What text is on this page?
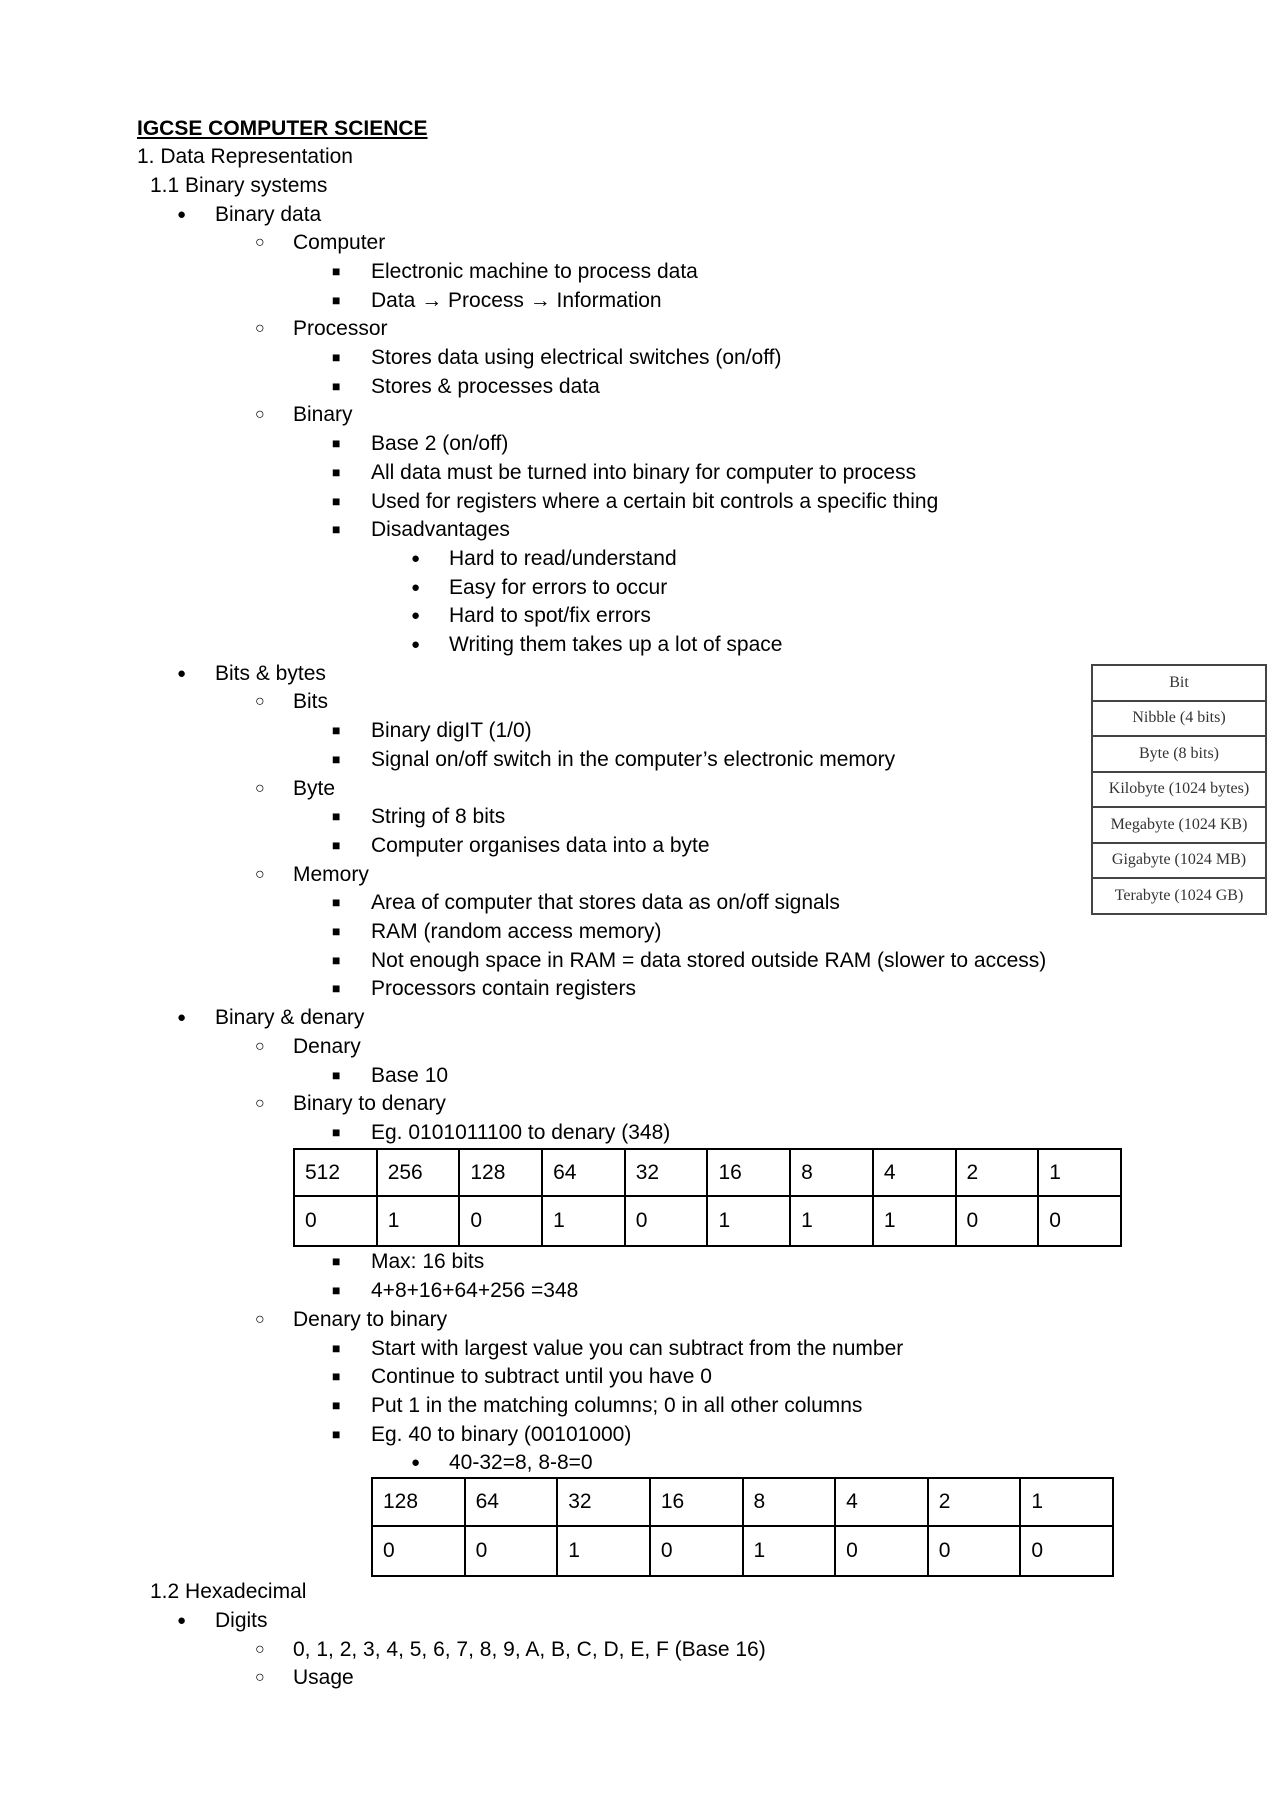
IGCSE COMPUTER SCIENCE
1. Data Representation
1.1 Binary systems
●
Binary data
○
Computer
■
Electronic machine to process data
■
Data → Process → Information
○
Processor
■
Stores data using electrical switches (on/off)
■
Stores & processes data
○
Binary
■
Base 2 (on/off)
■
All data must be turned into binary for computer to process
■
Used for registers where a certain bit controls a specific thing
■
Disadvantages
●
Hard to read/understand
●
Easy for errors to occur
●
Hard to spot/fix errors
●
Writing them takes up a lot of space
●
Bits & bytes
○
Bits
■
Binary digIT (1/0)
■
Signal on/off switch in the computer’s electronic memory
○
Byte
■
String of 8 bits
■
Computer organises data into a byte
○
Memory
■
Area of computer that stores data as on/off signals
■
RAM (random access memory)
■
Not enough space in RAM = data stored outside RAM (slower to access)
■
Processors contain registers
●
Binary & denary
○
Denary
■
Base 10
○
Binary to denary
■
Eg. 0101011100 to denary (348)
512	256	128	64	32	16	8	4	2	1
0	1	0	1	0	1	1	1	0	0
■
Max: 16 bits
■
4+8+16+64+256 =348
○
Denary to binary
■
Start with largest value you can subtract from the number
■
Continue to subtract until you have 0
■
Put 1 in the matching columns; 0 in all other columns
■
Eg. 40 to binary (00101000)
●
40-32=8, 8-8=0
128	64	32	16	8	4	2	1
0	0	1	0	1	0	0	0
1.2 Hexadecimal
●
Digits
○
0, 1, 2, 3, 4, 5, 6, 7, 8, 9, A, B, C, D, E, F (Base 16)
○
Usage
Bit
Nibble (4 bits)
Byte (8 bits)
Kilobyte (1024 bytes)
Megabyte (1024 KB)
Gigabyte (1024 MB)
Terabyte (1024 GB)
